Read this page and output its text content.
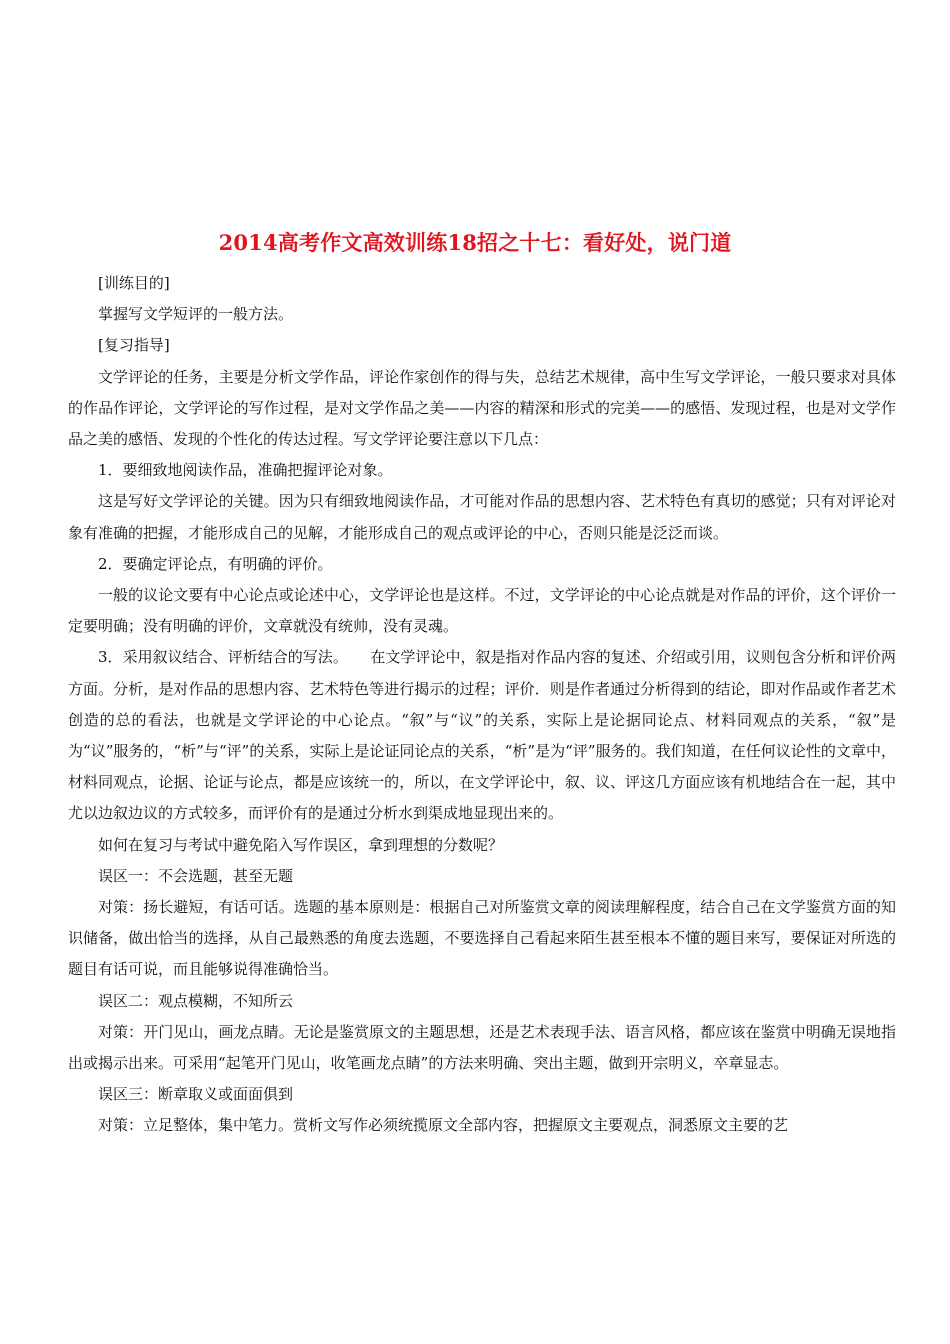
2014高考作文高效训练18招之十七：看好处，说门道

[训练目的]

掌握写文学短评的一般方法。

[复习指导]

文学评论的任务，主要是分析文学作品，评论作家创作的得与失，总结艺术规律，高中生写文学评论，一般只要求对具体的作品作评论，文学评论的写作过程，是对文学作品之美——内容的精深和形式的完美——的感悟、发现过程，也是对文学作品之美的感悟、发现的个性化的传达过程。写文学评论要注意以下几点：

1．要细致地阅读作品，准确把握评论对象。

这是写好文学评论的关键。因为只有细致地阅读作品，才可能对作品的思想内容、艺术特色有真切的感觉；只有对评论对象有准确的把握，才能形成自己的见解，才能形成自己的观点或评论的中心，否则只能是泛泛而谈。

2．要确定评论点，有明确的评价。

一般的议论文要有中心论点或论述中心，文学评论也是这样。不过，文学评论的中心论点就是对作品的评价，这个评价一定要明确；没有明确的评价，文章就没有统帅，没有灵魂。

3．采用叙议结合、评析结合的写法。　　在文学评论中，叙是指对作品内容的复述、介绍或引用，议则包含分析和评价两方面。分析，是对作品的思想内容、艺术特色等进行揭示的过程；评价．则是作者通过分析得到的结论，即对作品或作者艺术创造的总的看法，也就是文学评论的中心论点。“叙”与“议”的关系，实际上是论据同论点、材料同观点的关系，“叙”是为“议”服务的，“析”与“评”的关系，实际上是论证同论点的关系，“析”是为“评”服务的。我们知道，在任何议论性的文章中，材料同观点，论据、论证与论点，都是应该统一的，所以，在文学评论中，叙、议、评这几方面应该有机地结合在一起，其中尤以边叙边议的方式较多，而评价有的是通过分析水到渠成地显现出来的。

如何在复习与考试中避免陷入写作误区，拿到理想的分数呢？

误区一：不会选题，甚至无题

对策：扬长避短，有话可话。选题的基本原则是：根据自己对所鉴赏文章的阅读理解程度，结合自己在文学鉴赏方面的知识储备，做出恰当的选择，从自己最熟悉的角度去选题，不要选择自己看起来陌生甚至根本不懂的题目来写，要保证对所选的题目有话可说，而且能够说得准确恰当。

误区二：观点模糊，不知所云

对策：开门见山，画龙点睛。无论是鉴赏原文的主题思想，还是艺术表现手法、语言风格，都应该在鉴赏中明确无误地指出或揭示出来。可采用“起笔开门见山，收笔画龙点睛”的方法来明确、突出主题，做到开宗明义，卒章显志。

误区三：断章取义或面面俱到

对策：立足整体，集中笔力。赏析文写作必须统揽原文全部内容，把握原文主要观点，洞悉原文主要的艺
